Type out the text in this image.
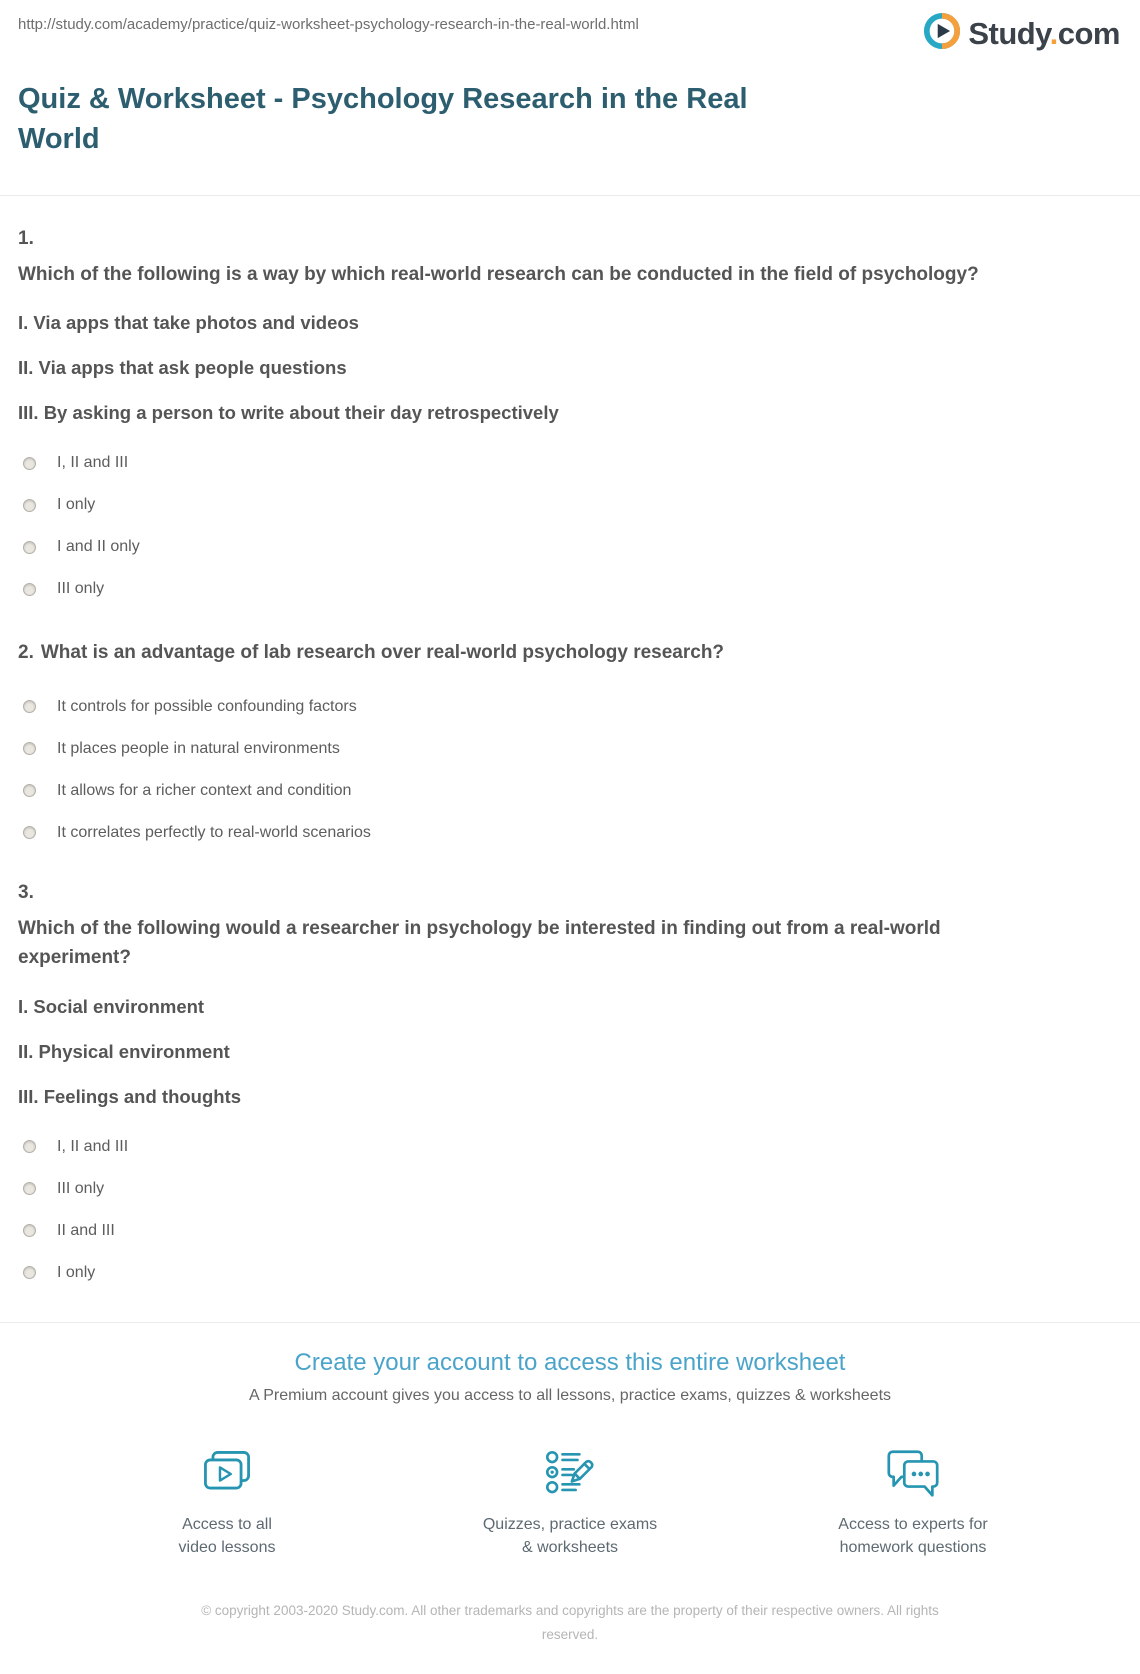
http://study.com/academy/practice/quiz-worksheet-psychology-research-in-the-real-world.html	Study.com
Quiz & Worksheet - Psychology Research in the Real World
1.
Which of the following is a way by which real-world research can be conducted in the field of psychology?

I. Via apps that take photos and videos

II. Via apps that ask people questions

III. By asking a person to write about their day retrospectively

I, II and III
I only
I and II only
III only
2. What is an advantage of lab research over real-world psychology research?
It controls for possible confounding factors
It places people in natural environments
It allows for a richer context and condition
It correlates perfectly to real-world scenarios
3.
Which of the following would a researcher in psychology be interested in finding out from a real-world experiment?

I. Social environment

II. Physical environment

III. Feelings and thoughts

I, II and III
III only
II and III
I only
Create your account to access this entire worksheet
A Premium account gives you access to all lessons, practice exams, quizzes & worksheets
Access to all
video lessons
Quizzes, practice exams
& worksheets
Access to experts for
homework questions
© copyright 2003-2020 Study.com. All other trademarks and copyrights are the property of their respective owners. All rights reserved.
